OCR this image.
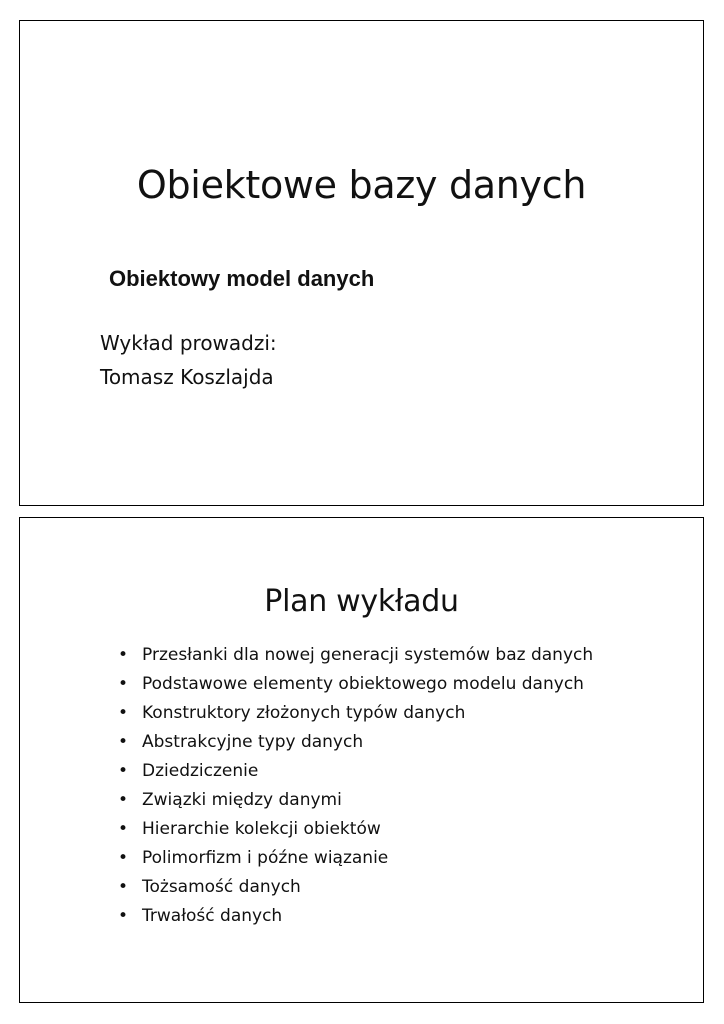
Obiektowe bazy danych
Obiektowy model danych
Wykład prowadzi:
Tomasz Koszlajda
Plan wykładu
• Przesłanki dla nowej generacji systemów baz danych
• Podstawowe elementy obiektowego modelu danych
• Konstruktory złożonych typów danych
• Abstrakcyjne typy danych
• Dziedziczenie
• Związki między danymi
• Hierarchie kolekcji obiektów
• Polimorfizm i późne wiązanie
• Tożsamość danych
• Trwałość danych
